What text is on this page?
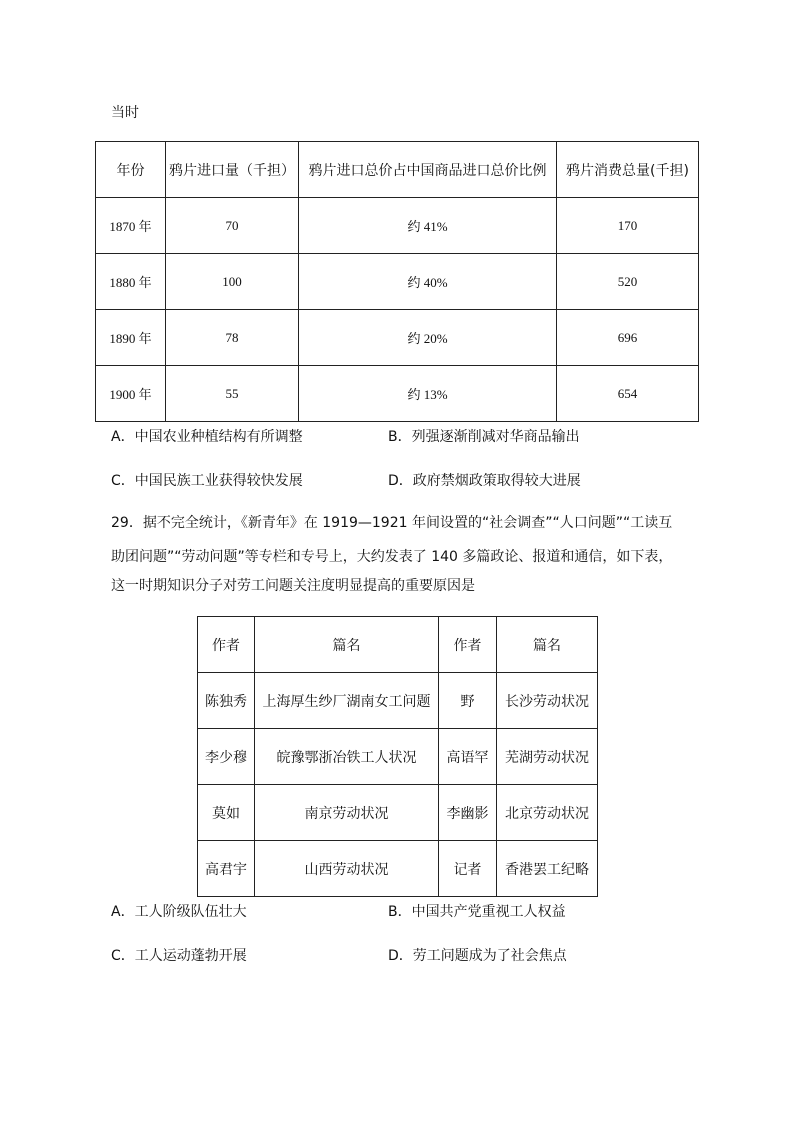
当时
年份	鸦片进口量（千担）	鸦片进口总价占中国商品进口总价比例	鸦片消费总量(千担)
1870 年	70	约 41%	170
1880 年	100	约 40%	520
1890 年	78	约 20%	696
1900 年	55	约 13%	654
A．中国农业种植结构有所调整	B．列强逐渐削减对华商品输出
C．中国民族工业获得较快发展	D．政府禁烟政策取得较大进展
29．据不完全统计，《新青年》在 1919—1921 年间设置的“社会调查”“人口问题”“工读互
助团问题”“劳动问题”等专栏和专号上，大约发表了 140 多篇政论、报道和通信，如下表，
这一时期知识分子对劳工问题关注度明显提高的重要原因是
作者	篇名	作者	篇名
陈独秀	上海厚生纱厂湖南女工问题	野	长沙劳动状况
李少穆	皖豫鄂浙冶铁工人状况	高语罕	芜湖劳动状况
莫如	南京劳动状况	李幽影	北京劳动状况
高君宇	山西劳动状况	记者	香港罢工纪略
A．工人阶级队伍壮大	B．中国共产党重视工人权益
C．工人运动蓬勃开展	D．劳工问题成为了社会焦点
